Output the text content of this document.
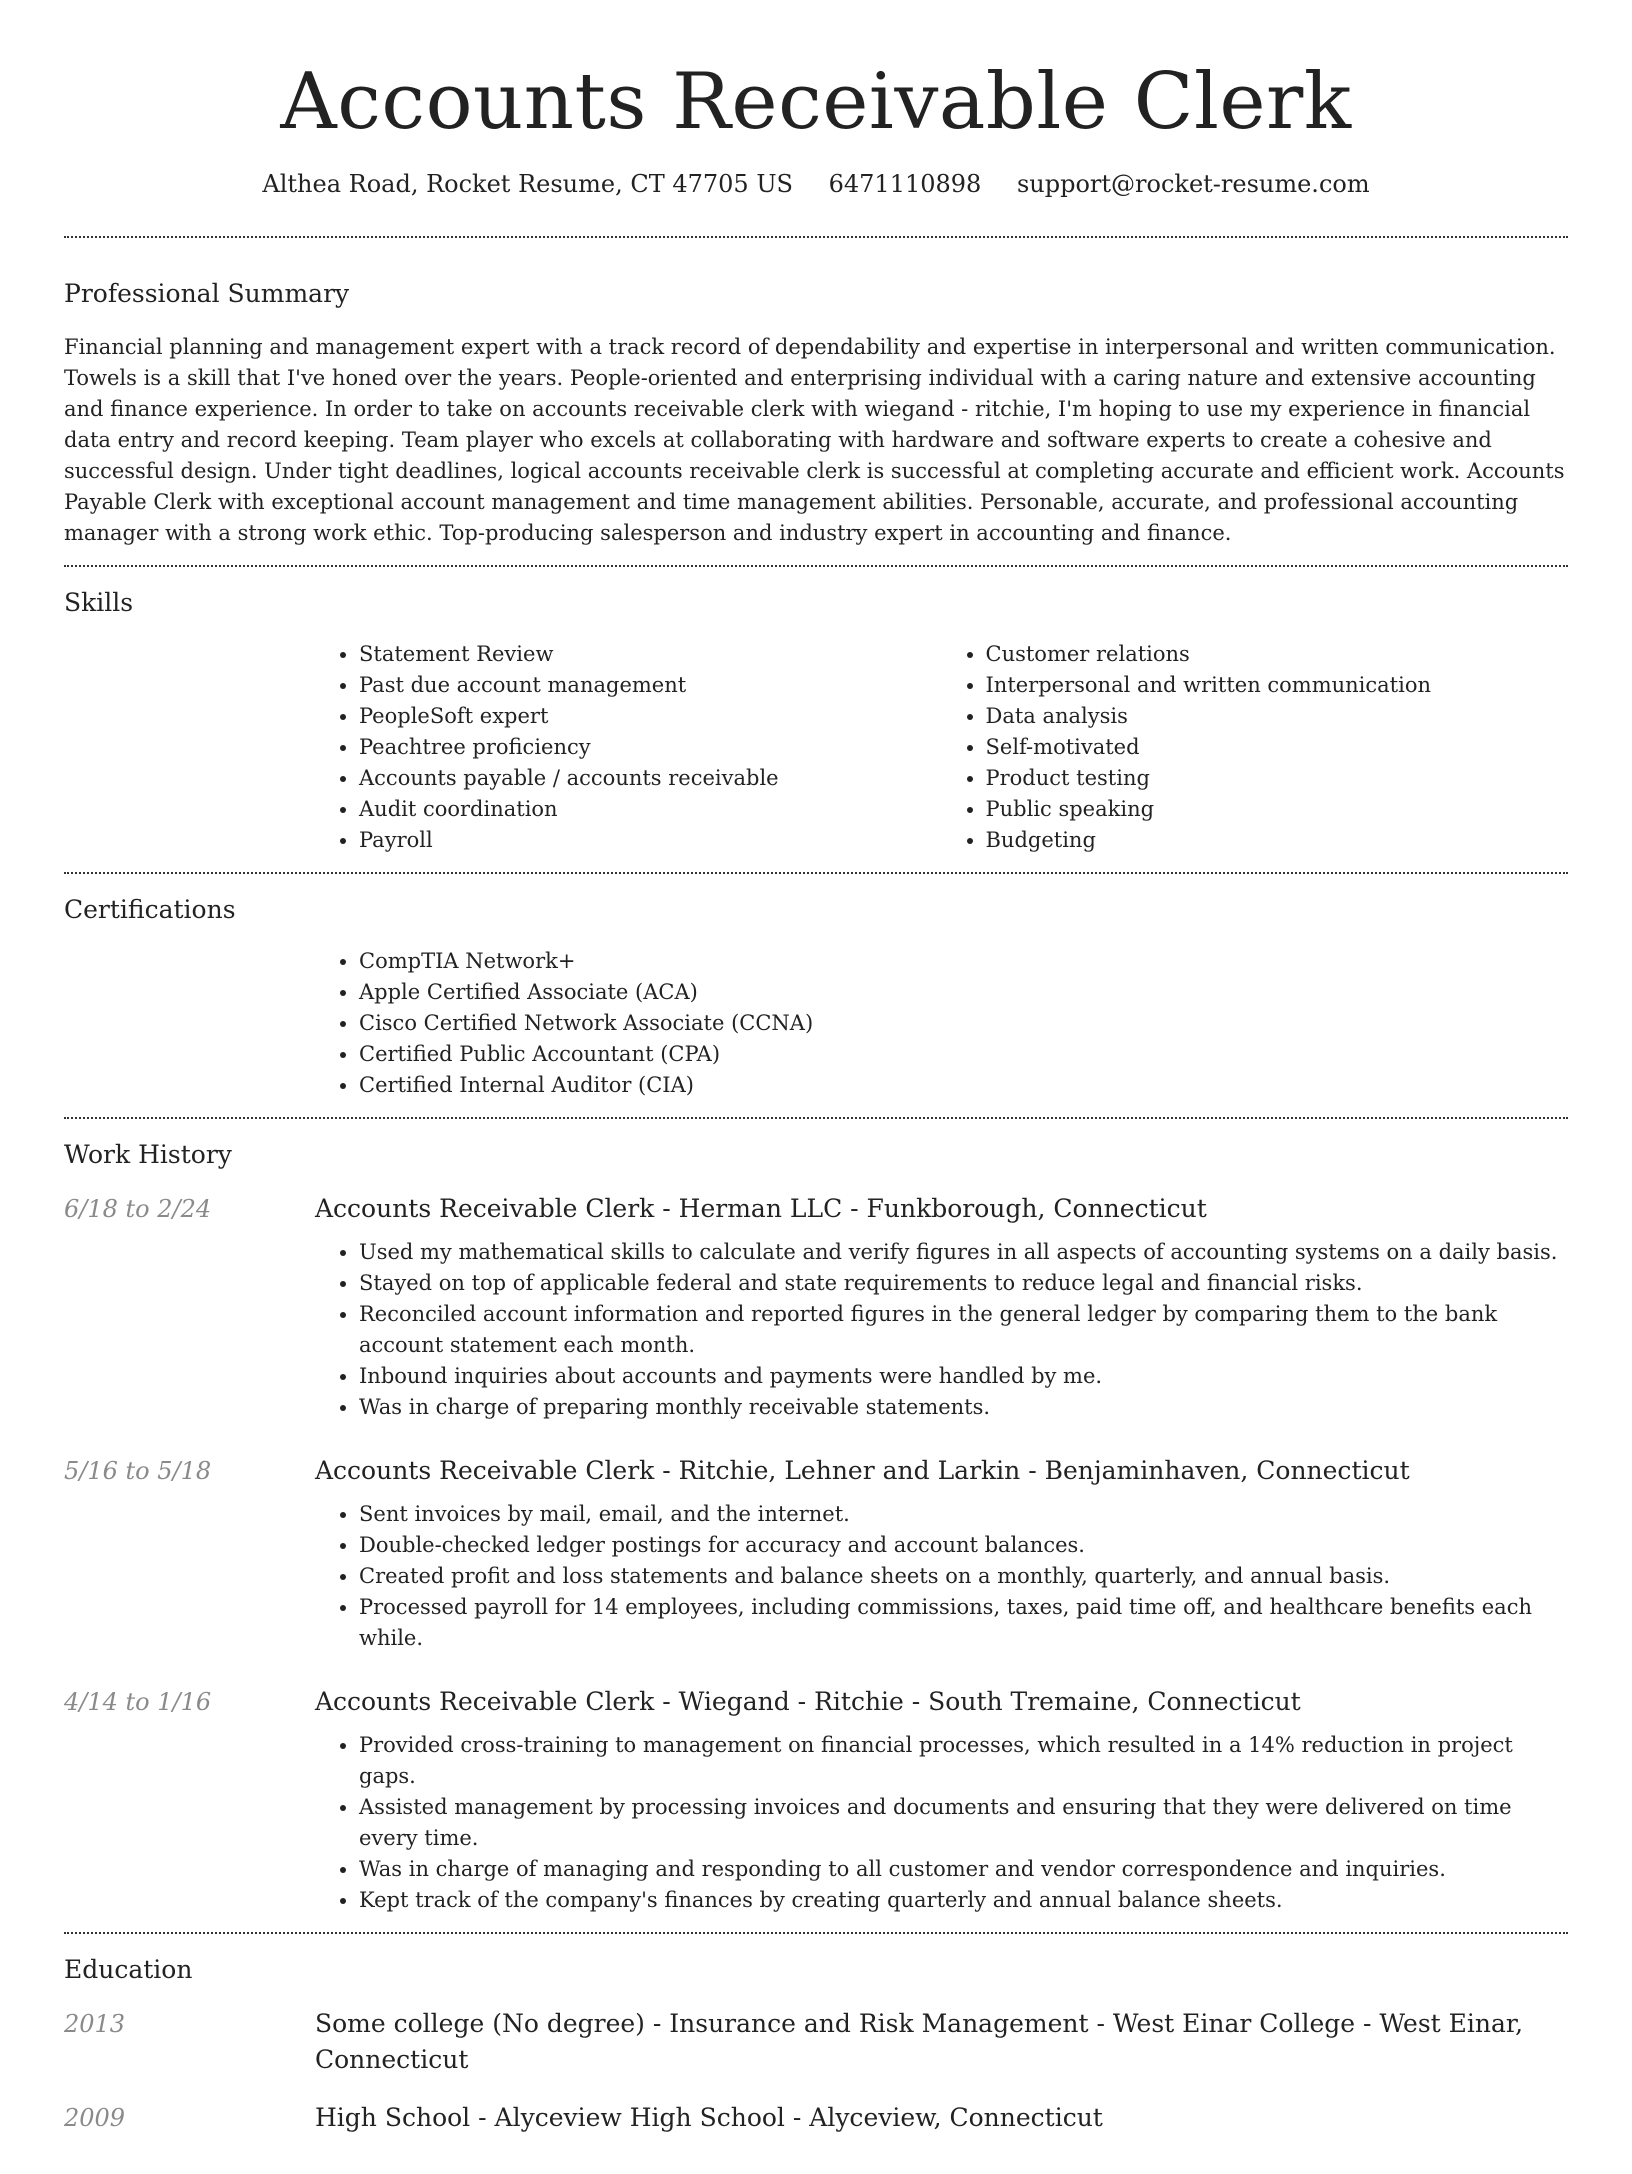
Accounts Receivable Clerk
Althea Road, Rocket Resume, CT 47705 US 6471110898 support@rocket-resume.com
Professional Summary

Financial planning and management expert with a track record of dependability and expertise in interpersonal and written communication. Towels is a skill that I've honed over the years. People-oriented and enterprising individual with a caring nature and extensive accounting and finance experience. In order to take on accounts receivable clerk with wiegand - ritchie, I'm hoping to use my experience in financial data entry and record keeping. Team player who excels at collaborating with hardware and software experts to create a cohesive and successful design. Under tight deadlines, logical accounts receivable clerk is successful at completing accurate and efficient work. Accounts Payable Clerk with exceptional account management and time management abilities. Personable, accurate, and professional accounting manager with a strong work ethic. Top-producing salesperson and industry expert in accounting and finance.

Skills
• Statement Review
• Past due account management
• PeopleSoft expert
• Peachtree proficiency
• Accounts payable / accounts receivable
• Audit coordination
• Payroll
• Customer relations
• Interpersonal and written communication
• Data analysis
• Self-motivated
• Product testing
• Public speaking
• Budgeting
Certifications
• CompTIA Network+
• Apple Certified Associate (ACA)
• Cisco Certified Network Associate (CCNA)
• Certified Public Accountant (CPA)
• Certified Internal Auditor (CIA)
Work History
6/18 to 2/24	Accounts Receivable Clerk - Herman LLC - Funkborough, Connecticut
• Used my mathematical skills to calculate and verify figures in all aspects of accounting systems on a daily basis.
• Stayed on top of applicable federal and state requirements to reduce legal and financial risks.
• Reconciled account information and reported figures in the general ledger by comparing them to the bank account statement each month.
• Inbound inquiries about accounts and payments were handled by me.
• Was in charge of preparing monthly receivable statements.
5/16 to 5/18	Accounts Receivable Clerk - Ritchie, Lehner and Larkin - Benjaminhaven, Connecticut
• Sent invoices by mail, email, and the internet.
• Double-checked ledger postings for accuracy and account balances.
• Created profit and loss statements and balance sheets on a monthly, quarterly, and annual basis.
• Processed payroll for 14 employees, including commissions, taxes, paid time off, and healthcare benefits each while.
4/14 to 1/16	Accounts Receivable Clerk - Wiegand - Ritchie - South Tremaine, Connecticut
• Provided cross-training to management on financial processes, which resulted in a 14% reduction in project gaps.
• Assisted management by processing invoices and documents and ensuring that they were delivered on time every time.
• Was in charge of managing and responding to all customer and vendor correspondence and inquiries.
• Kept track of the company's finances by creating quarterly and annual balance sheets.
Education
2013	Some college (No degree) - Insurance and Risk Management - West Einar College - West Einar, Connecticut
2009	High School - Alyceview High School - Alyceview, Connecticut
